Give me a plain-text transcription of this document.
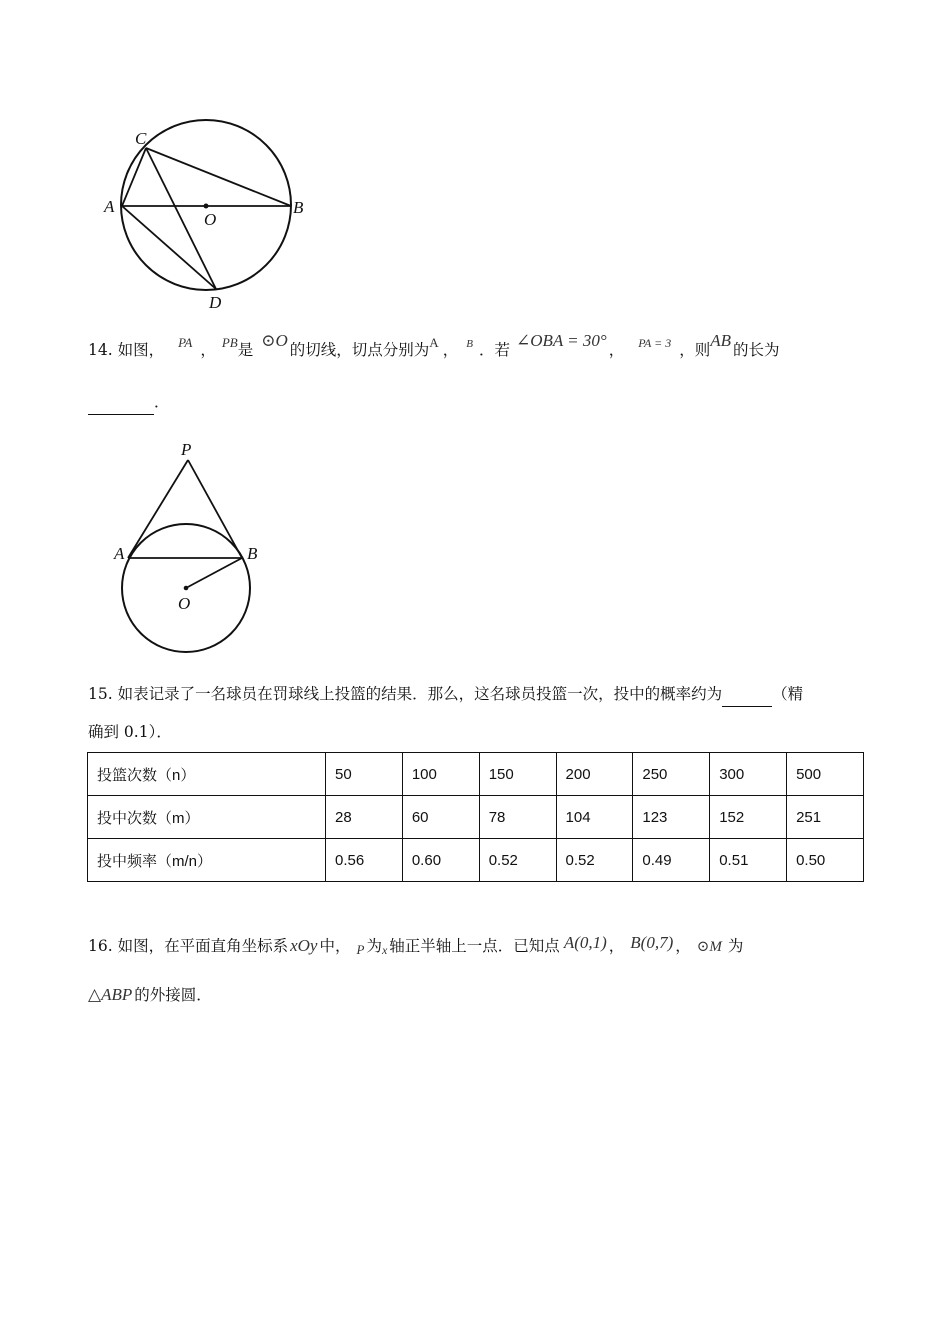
C
A
O
B
D
14. 如图， $^{PA}$ ， $^{PB}$是 ⊙O 的切线，切点分别为$^A$ ， $^B$ ．若 ∠OBA = 30° ， $^{PA = 3}$ ，则AB 的长为
．
P
A	B
O
15. 如表记录了一名球员在罚球线上投篮的结果．那么，这名球员投篮一次，投中的概率约为	（精
确到 0.1）．
投篮次数（n）	50	100	150	200	250	300	500
投中次数（m）	28	60	78	104	123	152	251
投中频率（m/n）	0.56	0.60	0.52	0.52	0.49	0.51	0.50
16. 如图，在平面直角坐标系 xOy 中， P 为x 轴正半轴上一点．已知点 A(0,1) ， B(0,7) ， ⊙M 为
△ABP 的外接圆．
